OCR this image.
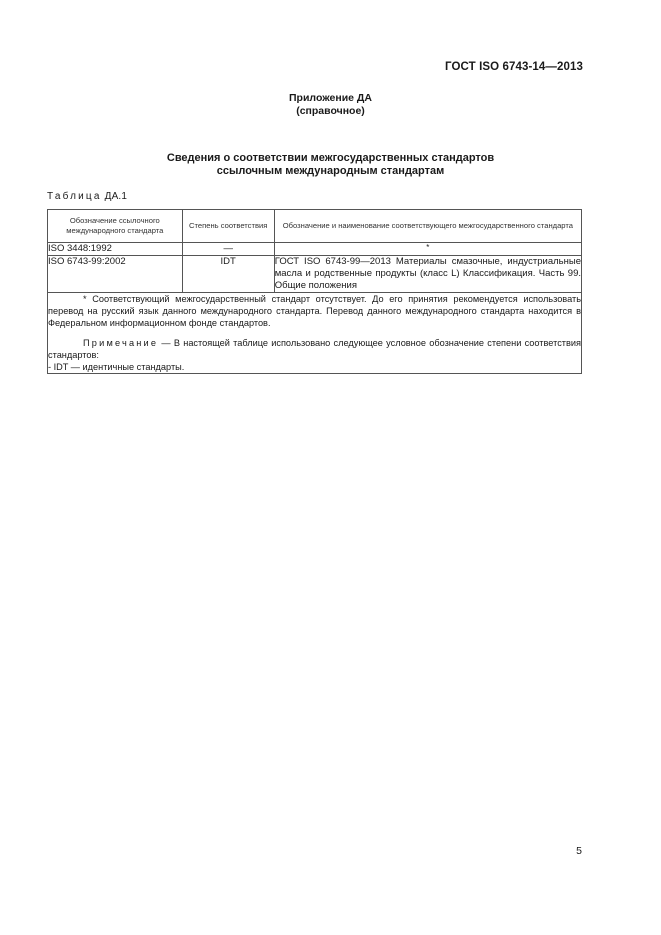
ГОСТ ISO 6743-14—2013
Приложение ДА
(справочное)
Сведения о соответствии межгосударственных стандартов
ссылочным международным стандартам
Таблица ДА.1
Обозначение ссылочного международного стандарта	Степень соответствия	Обозначение и наименование соответствующего межгосударственного стандарта
ISO 3448:1992	—	*
ISO 6743-99:2002	IDT	ГОСТ ISO 6743-99—2013 Материалы смазочные, индустриальные масла и родственные продукты (класс L) Классификация. Часть 99. Общие положения

* Соответствующий межгосударственный стандарт отсутствует. До его принятия рекомендуется использовать перевод на русский язык данного международного стандарта. Перевод данного международного стандарта находится в Федеральном информационном фонде стандартов.

Примечание — В настоящей таблице использовано следующее условное обозначение степени соответствия стандартов:

- IDT — идентичные стандарты.		

5
